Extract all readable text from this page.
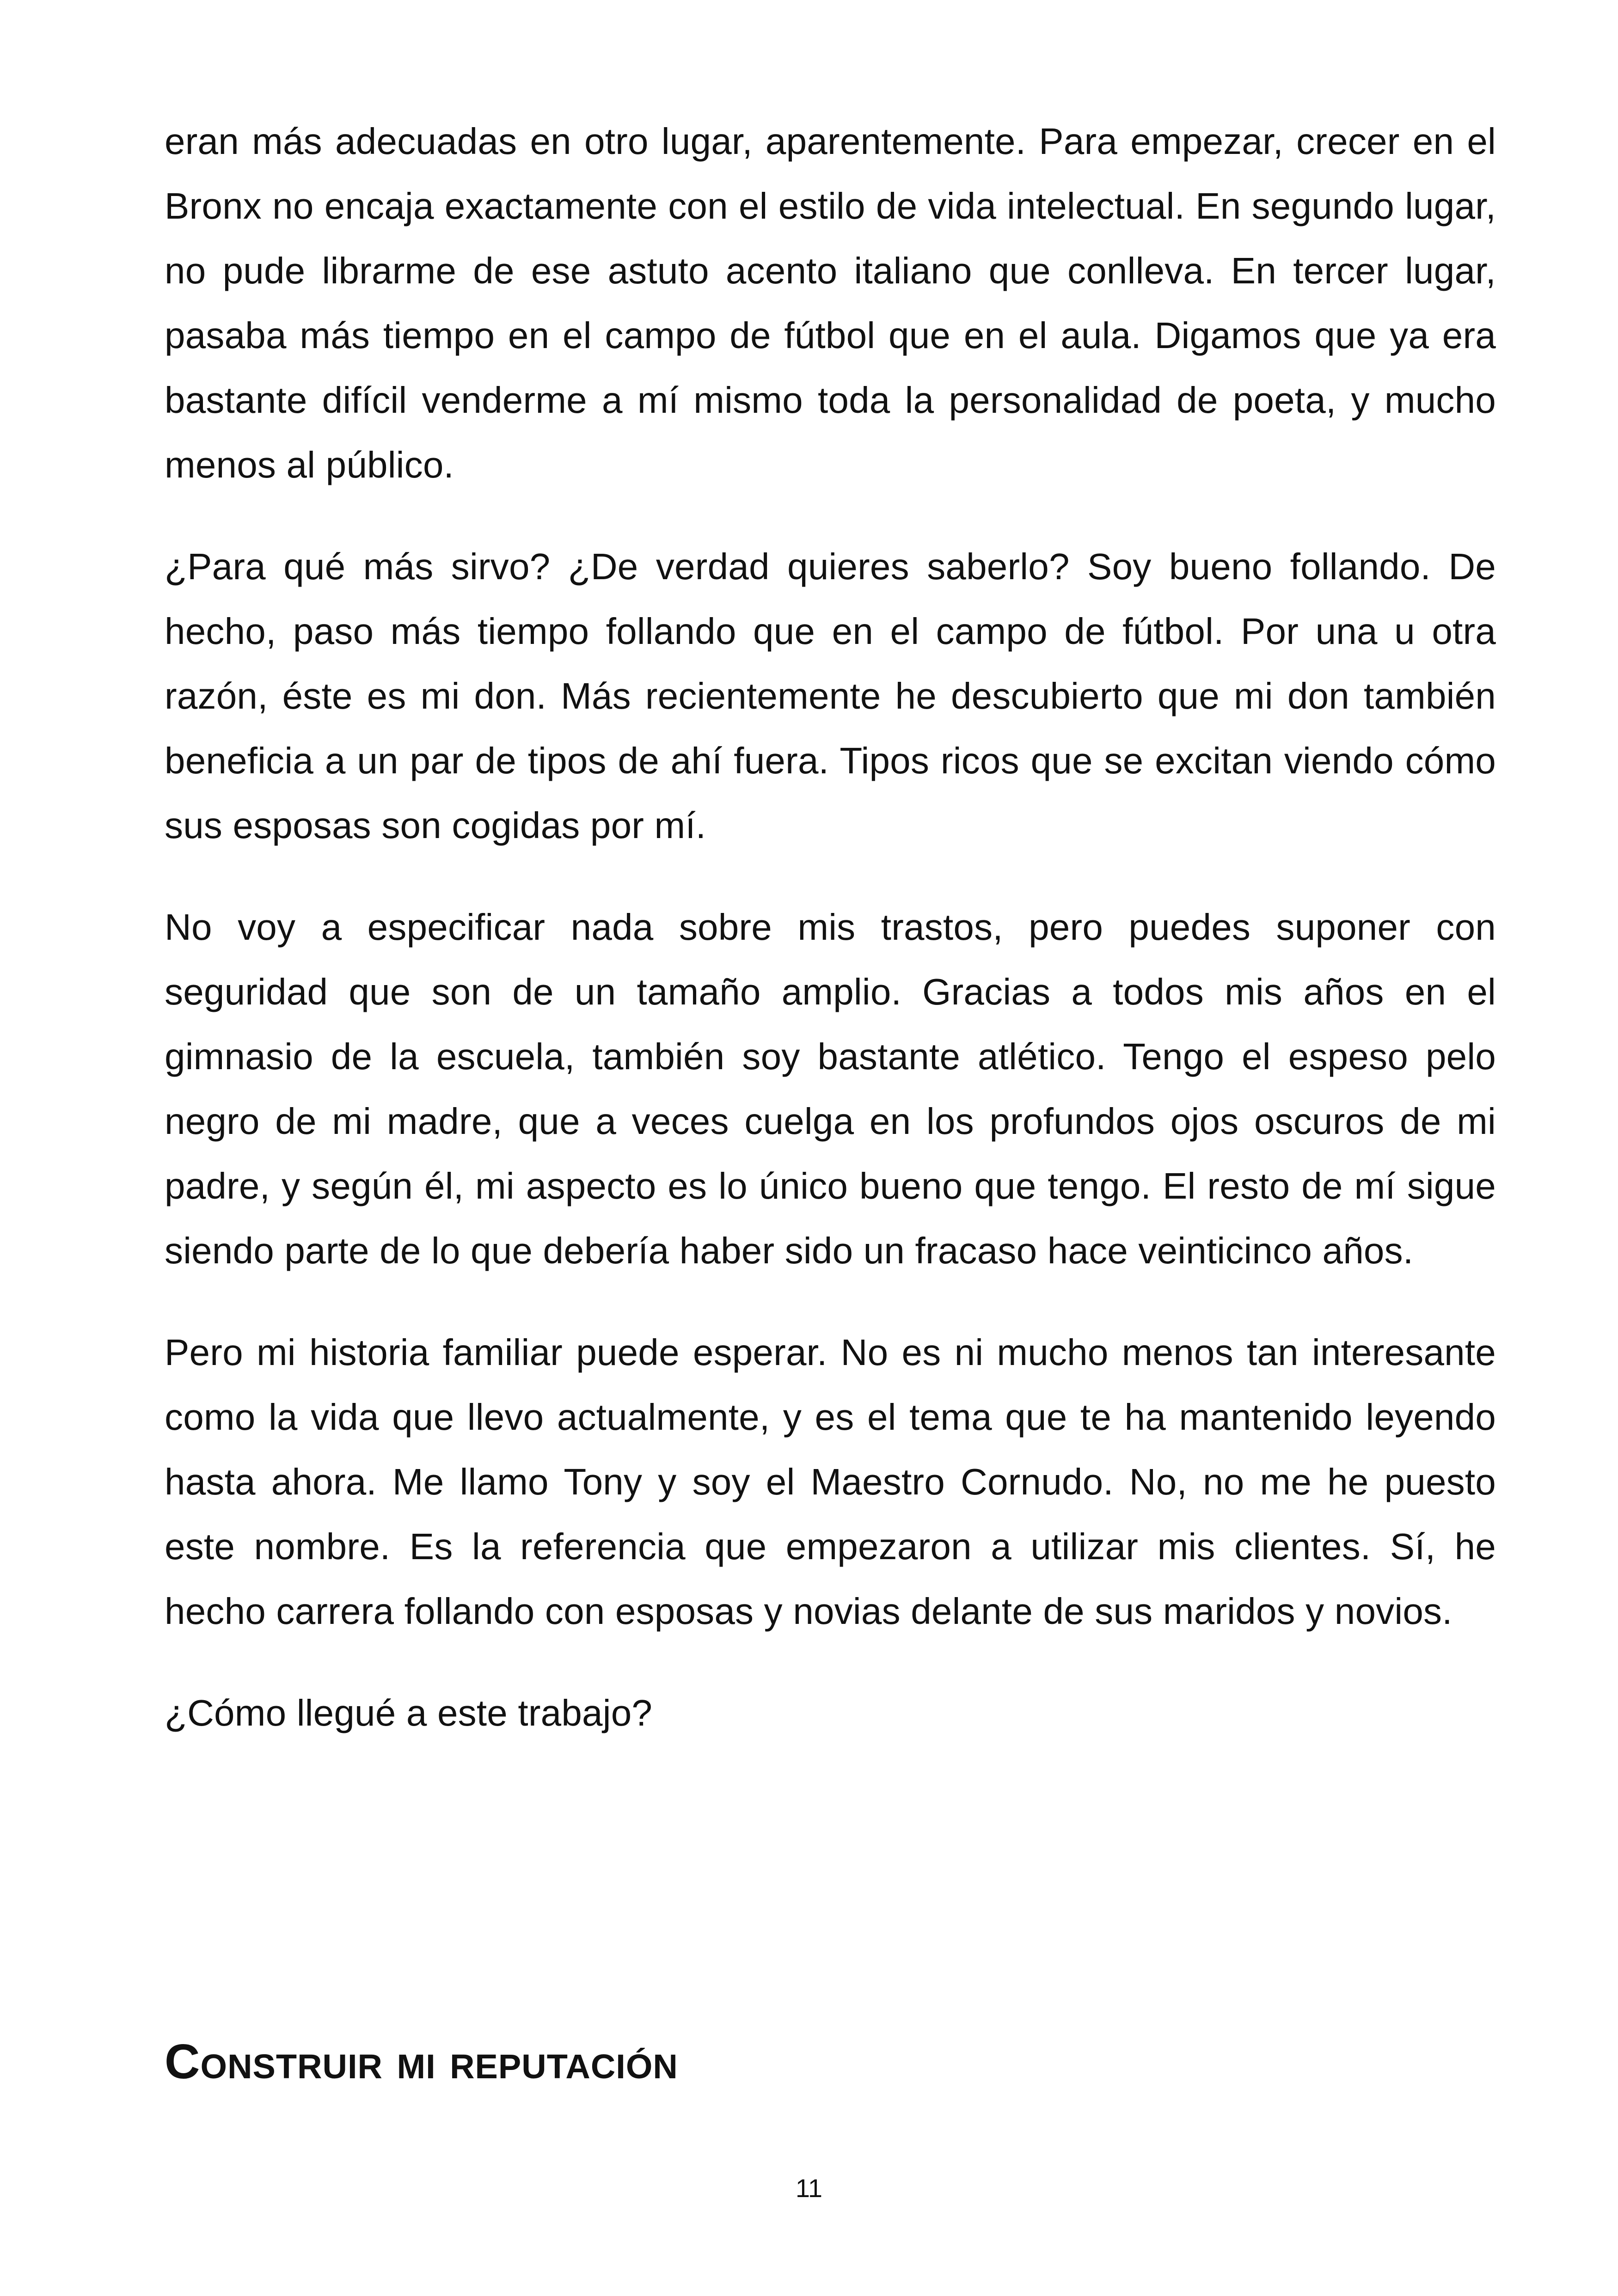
eran más adecuadas en otro lugar, aparentemente. Para empezar, crecer en el Bronx no encaja exactamente con el estilo de vida intelectual. En segundo lugar, no pude librarme de ese astuto acento italiano que conlleva. En tercer lugar, pasaba más tiempo en el campo de fútbol que en el aula. Digamos que ya era bastante difícil venderme a mí mismo toda la personalidad de poeta, y mucho menos al público.

¿Para qué más sirvo? ¿De verdad quieres saberlo? Soy bueno follando. De hecho, paso más tiempo follando que en el campo de fútbol. Por una u otra razón, éste es mi don. Más recientemente he descubierto que mi don también beneficia a un par de tipos de ahí fuera. Tipos ricos que se excitan viendo cómo sus esposas son cogidas por mí.

No voy a especificar nada sobre mis trastos, pero puedes suponer con seguridad que son de un tamaño amplio. Gracias a todos mis años en el gimnasio de la escuela, también soy bastante atlético. Tengo el espeso pelo negro de mi madre, que a veces cuelga en los profundos ojos oscuros de mi padre, y según él, mi aspecto es lo único bueno que tengo. El resto de mí sigue siendo parte de lo que debería haber sido un fracaso hace veinticinco años.

Pero mi historia familiar puede esperar. No es ni mucho menos tan interesante como la vida que llevo actualmente, y es el tema que te ha mantenido leyendo hasta ahora. Me llamo Tony y soy el Maestro Cornudo. No, no me he puesto este nombre. Es la referencia que empezaron a utilizar mis clientes. Sí, he hecho carrera follando con esposas y novias delante de sus maridos y novios.

¿Cómo llegué a este trabajo?

Construir mi reputación
11
